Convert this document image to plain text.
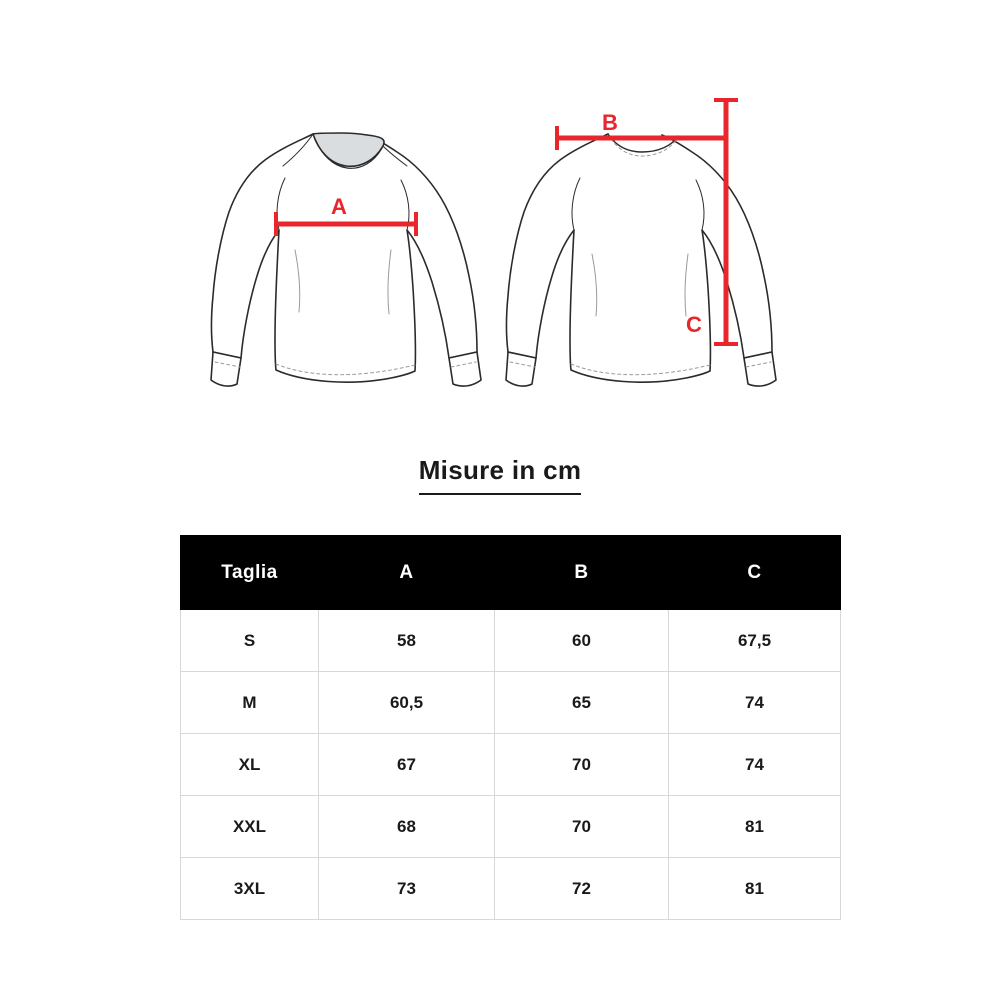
A
B
C
Misure in cm
Taglia	A	B	C
S	58	60	67,5
M	60,5	65	74
XL	67	70	74
XXL	68	70	81
3XL	73	72	81
